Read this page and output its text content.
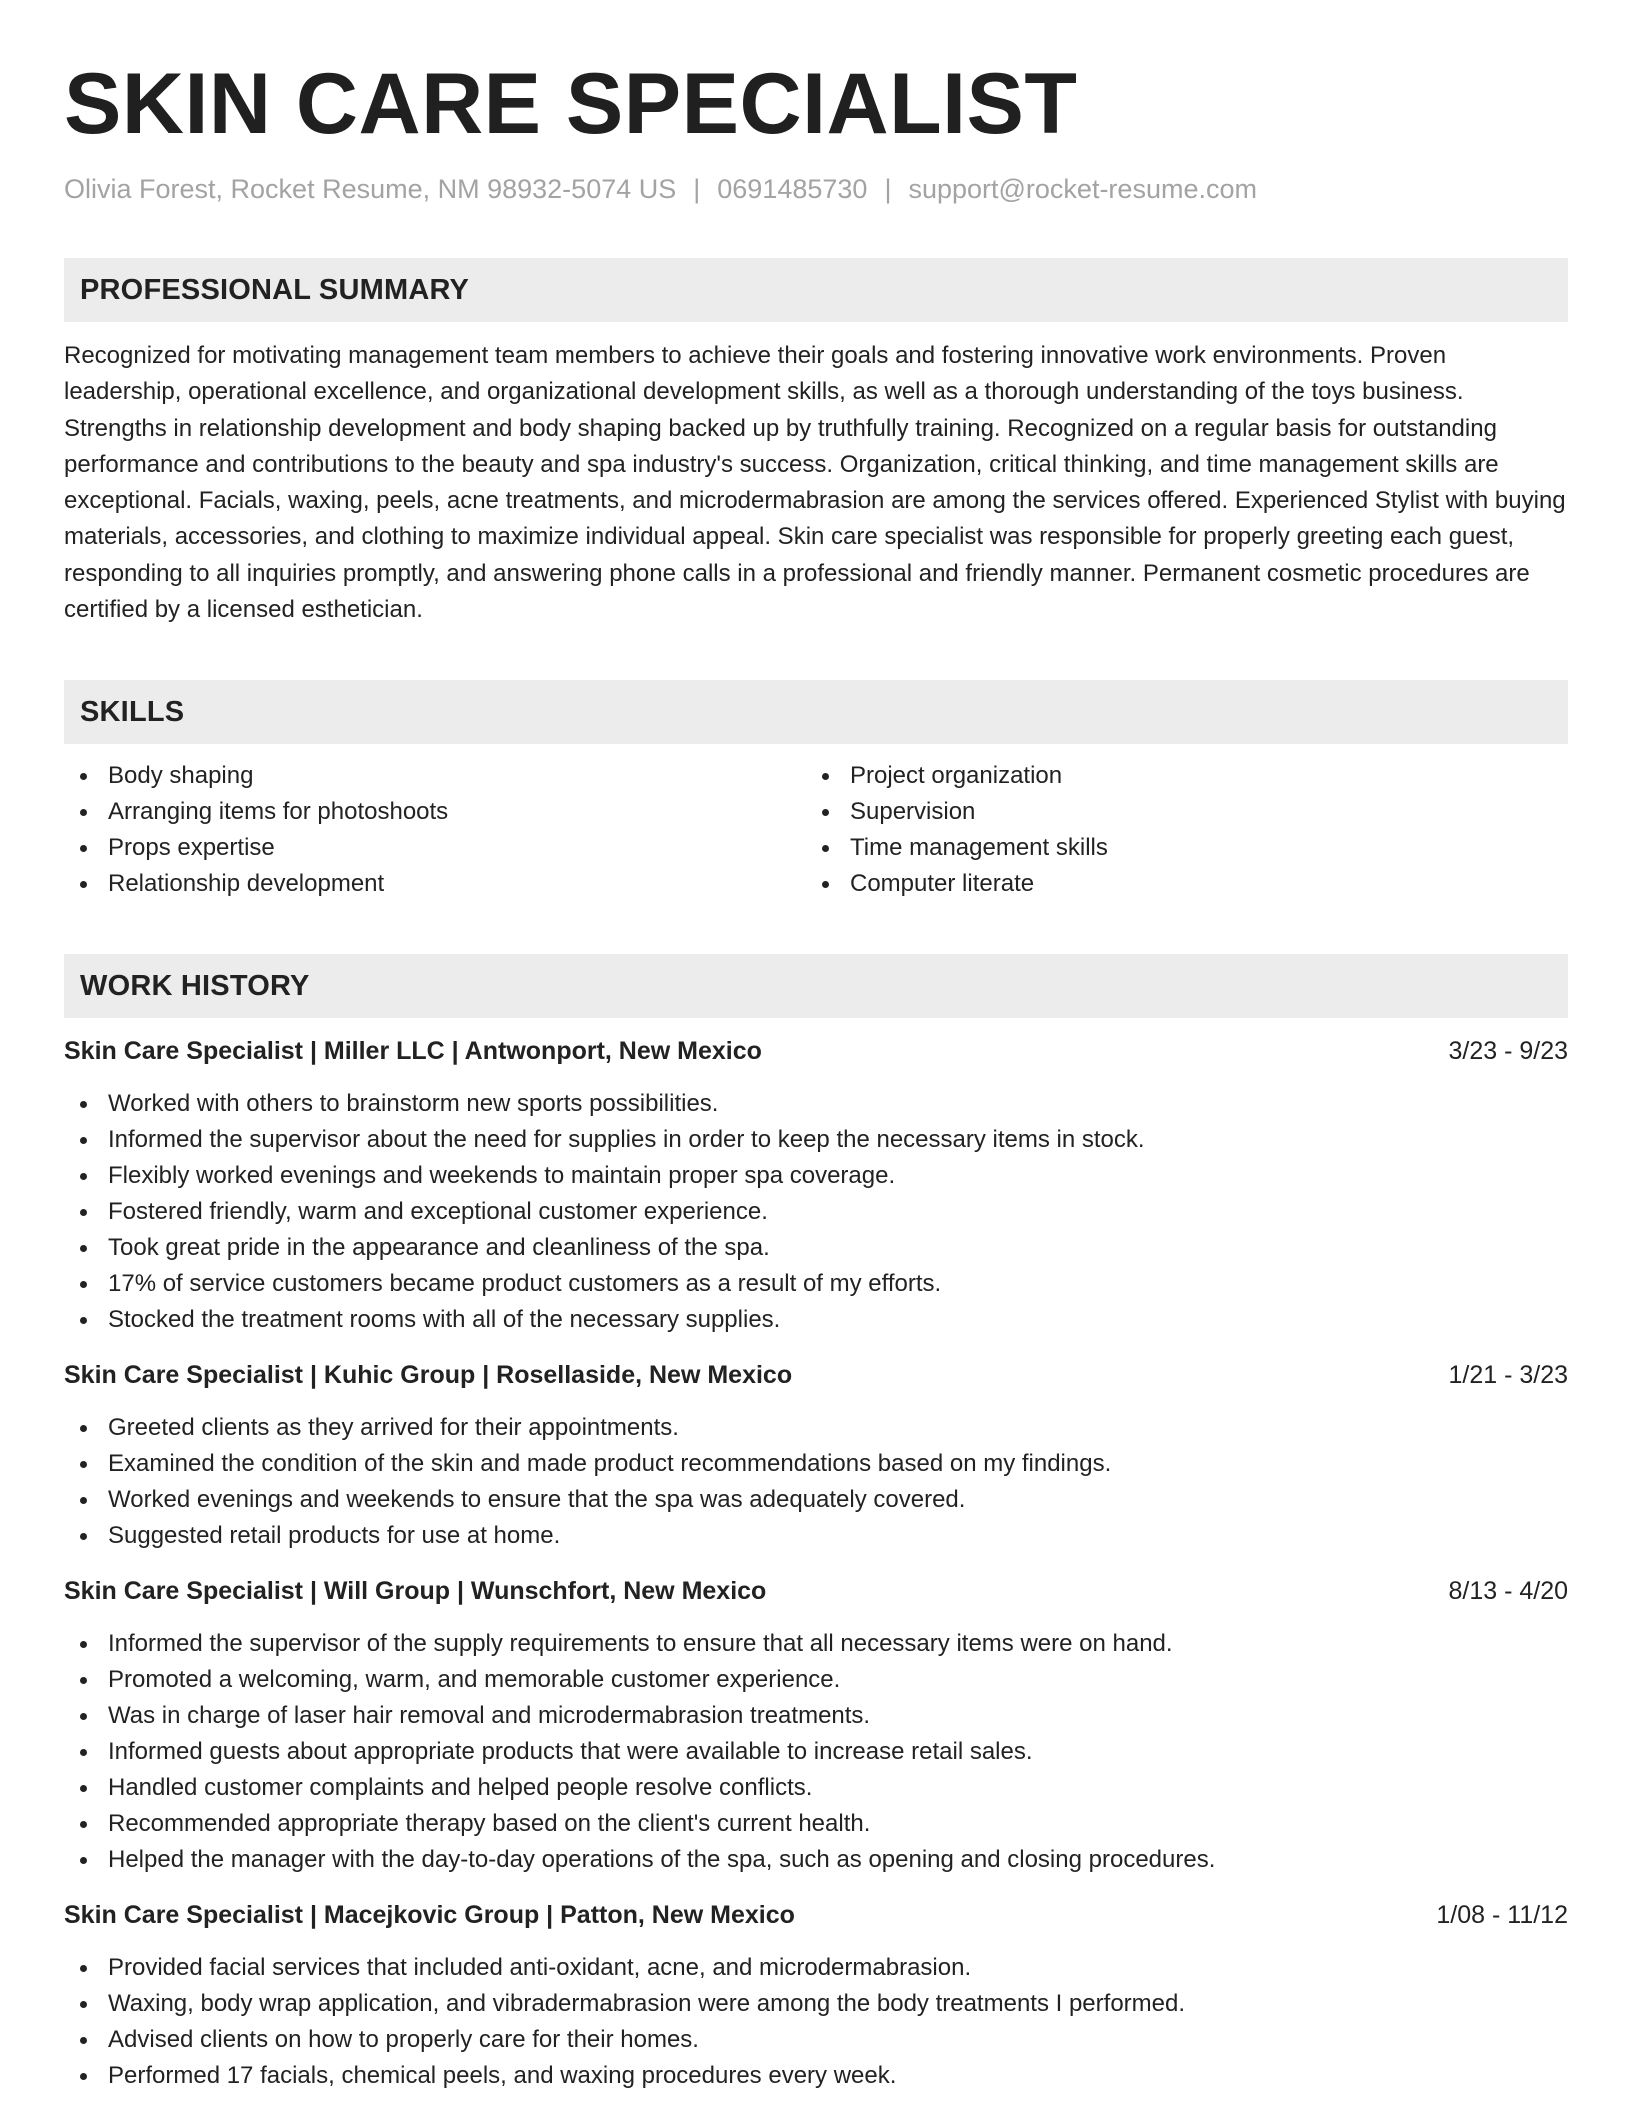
SKIN CARE SPECIALIST
Olivia Forest, Rocket Resume, NM 98932-5074 US | 0691485730 | support@rocket-resume.com
PROFESSIONAL SUMMARY
Recognized for motivating management team members to achieve their goals and fostering innovative work environments. Proven leadership, operational excellence, and organizational development skills, as well as a thorough understanding of the toys business. Strengths in relationship development and body shaping backed up by truthfully training. Recognized on a regular basis for outstanding performance and contributions to the beauty and spa industry's success. Organization, critical thinking, and time management skills are exceptional. Facials, waxing, peels, acne treatments, and microdermabrasion are among the services offered. Experienced Stylist with buying materials, accessories, and clothing to maximize individual appeal. Skin care specialist was responsible for properly greeting each guest, responding to all inquiries promptly, and answering phone calls in a professional and friendly manner. Permanent cosmetic procedures are certified by a licensed esthetician.
SKILLS
Body shaping
Arranging items for photoshoots
Props expertise
Relationship development
Project organization
Supervision
Time management skills
Computer literate
WORK HISTORY
Skin Care Specialist | Miller LLC | Antwonport, New Mexico	3/23 - 9/23
Worked with others to brainstorm new sports possibilities.
Informed the supervisor about the need for supplies in order to keep the necessary items in stock.
Flexibly worked evenings and weekends to maintain proper spa coverage.
Fostered friendly, warm and exceptional customer experience.
Took great pride in the appearance and cleanliness of the spa.
17% of service customers became product customers as a result of my efforts.
Stocked the treatment rooms with all of the necessary supplies.
Skin Care Specialist | Kuhic Group | Rosellaside, New Mexico	1/21 - 3/23
Greeted clients as they arrived for their appointments.
Examined the condition of the skin and made product recommendations based on my findings.
Worked evenings and weekends to ensure that the spa was adequately covered.
Suggested retail products for use at home.
Skin Care Specialist | Will Group | Wunschfort, New Mexico	8/13 - 4/20
Informed the supervisor of the supply requirements to ensure that all necessary items were on hand.
Promoted a welcoming, warm, and memorable customer experience.
Was in charge of laser hair removal and microdermabrasion treatments.
Informed guests about appropriate products that were available to increase retail sales.
Handled customer complaints and helped people resolve conflicts.
Recommended appropriate therapy based on the client's current health.
Helped the manager with the day-to-day operations of the spa, such as opening and closing procedures.
Skin Care Specialist | Macejkovic Group | Patton, New Mexico	1/08 - 11/12
Provided facial services that included anti-oxidant, acne, and microdermabrasion.
Waxing, body wrap application, and vibradermabrasion were among the body treatments I performed.
Advised clients on how to properly care for their homes.
Performed 17 facials, chemical peels, and waxing procedures every week.
